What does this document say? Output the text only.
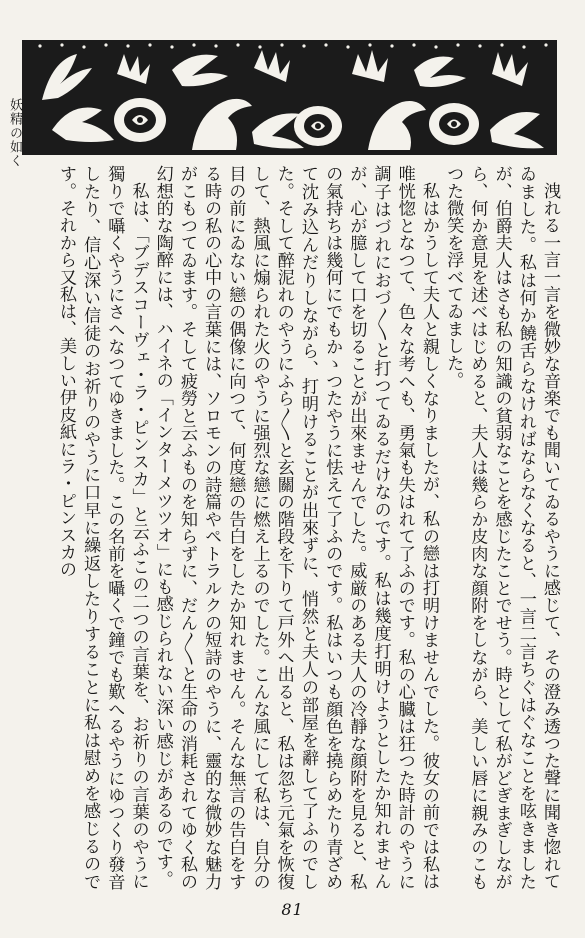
妖精の如く

洩れる一言一言を微妙な音楽でも聞いてゐるやうに感じて、その澄み透つた聲に聞き惚れてゐました。私は何か饒舌らなければならなくなると、一言二言ちぐはぐなことを呟きましたが、伯爵夫人はさも私の知識の貧弱なことを感じたことでせう。時として私がどぎまぎしながら、何か意見を述べはじめると、夫人は幾らか皮肉な顔附をしながら、美しい唇に親みのこもつた微笑を浮べてゐました。

私はかうして夫人と親しくなりましたが、私の戀は打明けませんでした。彼女の前では私は唯恍惚となつて、色々な考へも、勇氣も失はれて了ふのです。私の心臓は狂つた時計のやうに調子はづれにおづ〳〵と打つてゐるだけなのです。私は幾度打明けようとしたか知れませんが、心が臆して口を切ることが出來ませんでした。威厳のある夫人の冷靜な顔附を見ると、私の氣持ちは幾何にでもかゝつたやうに怯えて了ふのです。私はいつも顔色を撓らめたり青ざめて沈み込んだりしながら、打明けることが出來ずに、悄然と夫人の部屋を辭して了ふのでした。そして醉泥れのやうにふら〳〵と玄關の階段を下りて戸外へ出ると、私は忽ち元氣を恢復して、熱風に煽られた火のやうに强烈な戀に燃え上るのでした。こんな風にして私は、自分の目の前にゐない戀の偶像に向つて、何度戀の告白をしたか知れません。そんな無言の告白をする時の私の心中の言葉には、ソロモンの詩篇やペトラルクの短詩のやうに、靈的な微妙な魅力がこもつてゐます。そして疲勞と云ふものを知らずに、だん〳〵と生命の消耗されてゆく私の幻想的な陶醉には、ハイネの「インターメツツオ」にも感じられない深い感じがあるのです。

私は、「ブデスコーヴェ・ラ・ピンスカ」と云ふこの二つの言葉を、お祈りの言葉のやうに獨りで囁くやうにさへなつてゆきました。この名前を囁くで鐘でも歎へるやうにゆつくり發音したり、信心深い信徒のお祈りのやうに口早に繰返したりすることに私は慰めを感じるのです。それから又私は、美しい伊皮紙にラ・ピンスカの

81
